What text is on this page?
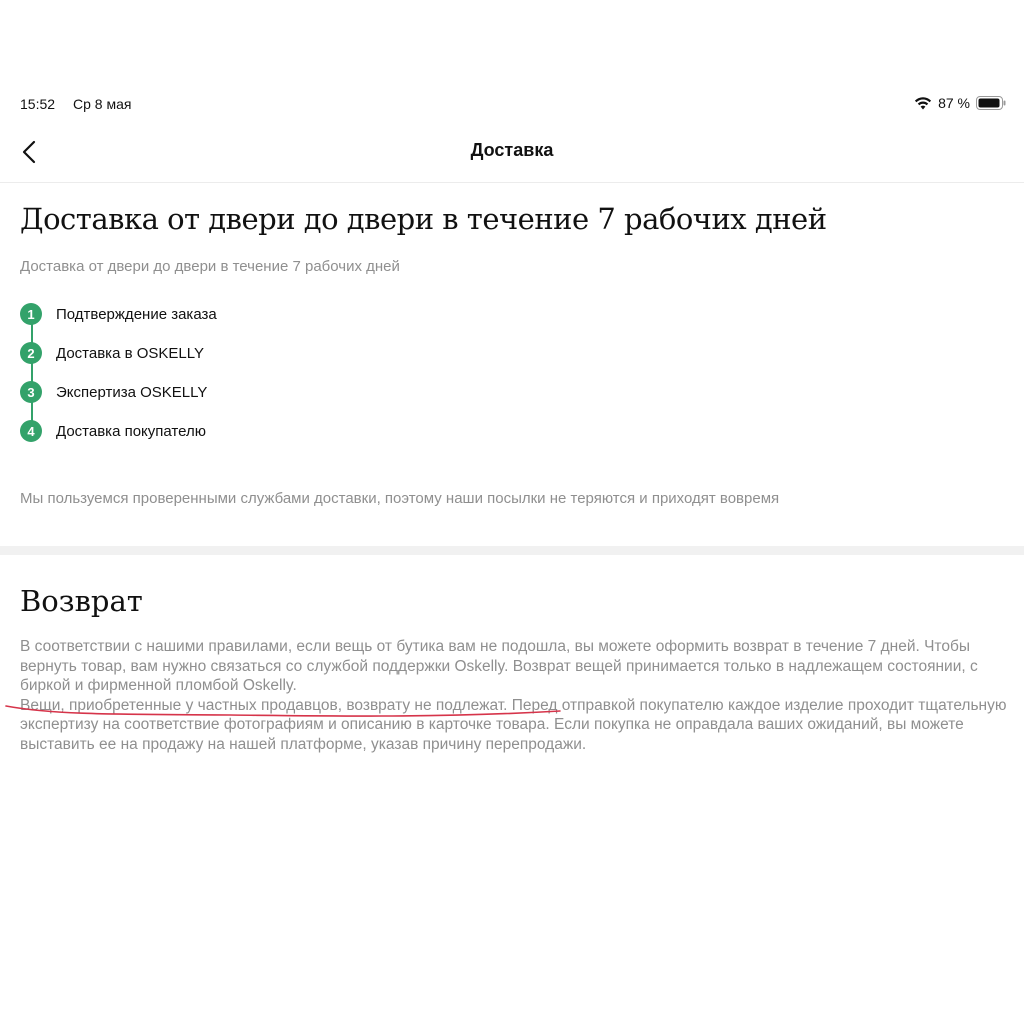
15:52 Ср 8 мая	87 %
Доставка
Доставка от двери до двери в течение 7 рабочих дней
Доставка от двери до двери в течение 7 рабочих дней
1	Подтверждение заказа
2	Доставка в OSKELLY
3	Экспертиза OSKELLY
4	Доставка покупателю
Мы пользуемся проверенными службами доставки, поэтому наши посылки не теряются и приходят вовремя
Возврат

В соответствии с нашими правилами, если вещь от бутика вам не подошла, вы можете оформить возврат в течение 7 дней. Чтобы вернуть товар, вам нужно связаться со службой поддержки Oskelly. Возврат вещей принимается только в надлежащем состоянии, с биркой и фирменной пломбой Oskelly.

Вещи, приобретенные у частных продавцов, возврату не подлежат. Перед отправкой покупателю каждое изделие проходит тщательную экспертизу на соответствие фотографиям и описанию в карточке товара. Если покупка не оправдала ваших ожиданий, вы можете выставить ее на продажу на нашей платформе, указав причину перепродажи.
